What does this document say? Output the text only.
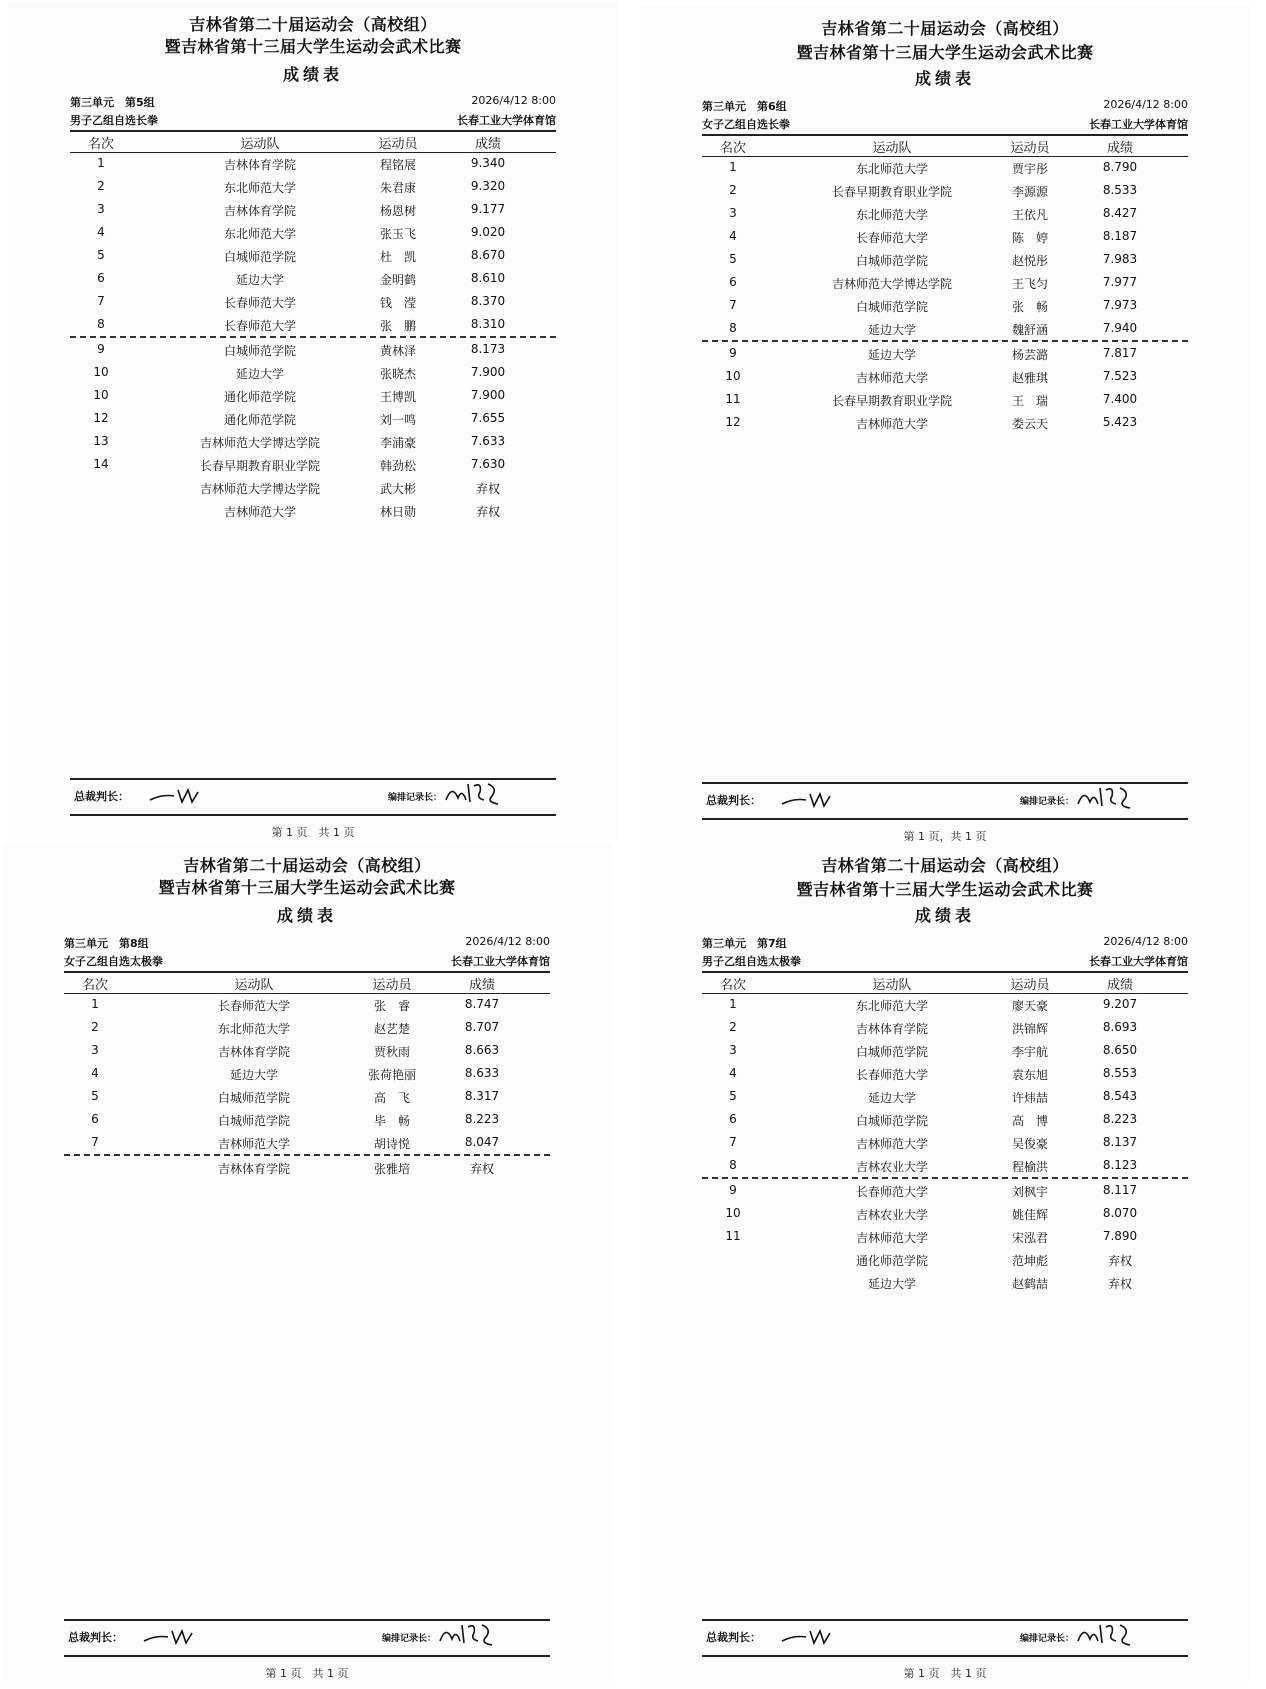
吉林省第二十届运动会（高校组）
暨吉林省第十三届大学生运动会武术比赛
成绩表
第三单元　第5组	2026/4/12 8:00
男子乙组自选长拳	长春工业大学体育馆
名次	运动队	运动员	成绩
1	吉林体育学院	程铭展	9.340
2	东北师范大学	朱君康	9.320
3	吉林体育学院	杨恩树	9.177
4	东北师范大学	张玉飞	9.020
5	白城师范学院	杜　凯	8.670
6	延边大学	金明鹤	8.610
7	长春师范大学	钱　滢	8.370
8	长春师范大学	张　鹏	8.310
9	白城师范学院	黄林泽	8.173
10	延边大学	张晓杰	7.900
10	通化师范学院	王博凯	7.900
12	通化师范学院	刘一鸣	7.655
13	吉林师范大学博达学院	李浦豪	7.633
14	长春早期教育职业学院	韩劲松	7.630
吉林师范大学博达学院	武大彬	弃权
吉林师范大学	林日勋	弃权
总裁判长：	编排记录长：
第 1 页　共 1 页
吉林省第二十届运动会（高校组）
暨吉林省第十三届大学生运动会武术比赛
成绩表
第三单元　第6组	2026/4/12 8:00
女子乙组自选长拳	长春工业大学体育馆
名次	运动队	运动员	成绩
1	东北师范大学	贾宇彤	8.790
2	长春早期教育职业学院	李源源	8.533
3	东北师范大学	王依凡	8.427
4	长春师范大学	陈　婷	8.187
5	白城师范学院	赵悦彤	7.983
6	吉林师范大学博达学院	王飞匀	7.977
7	白城师范学院	张　畅	7.973
8	延边大学	魏舒涵	7.940
9	延边大学	杨芸潞	7.817
10	吉林师范大学	赵雅琪	7.523
11	长春早期教育职业学院	王　瑞	7.400
12	吉林师范大学	娄云天	5.423
总裁判长：	编排记录长：
第 1 页，共 1 页
吉林省第二十届运动会（高校组）
暨吉林省第十三届大学生运动会武术比赛
成绩表
第三单元　第8组	2026/4/12 8:00
女子乙组自选太极拳	长春工业大学体育馆
名次	运动队	运动员	成绩
1	长春师范大学	张　睿	8.747
2	东北师范大学	赵艺楚	8.707
3	吉林体育学院	贾秋雨	8.663
4	延边大学	张荷艳丽	8.633
5	白城师范学院	高　飞	8.317
6	白城师范学院	毕　畅	8.223
7	吉林师范大学	胡诗悦	8.047
吉林体育学院	张雅培	弃权
总裁判长：	编排记录长：
第 1 页　共 1 页
吉林省第二十届运动会（高校组）
暨吉林省第十三届大学生运动会武术比赛
成绩表
第三单元　第7组	2026/4/12 8:00
男子乙组自选太极拳	长春工业大学体育馆
名次	运动队	运动员	成绩
1	东北师范大学	廖天豪	9.207
2	吉林体育学院	洪锦辉	8.693
3	白城师范学院	李宇航	8.650
4	长春师范大学	袁东旭	8.553
5	延边大学	许炜喆	8.543
6	白城师范学院	高　博	8.223
7	吉林师范大学	吴俊豪	8.137
8	吉林农业大学	程榆洪	8.123
9	长春师范大学	刘枫宇	8.117
10	吉林农业大学	姚佳辉	8.070
11	吉林师范大学	宋泓君	7.890
通化师范学院	范坤彪	弃权
延边大学	赵鹤喆	弃权
总裁判长：	编排记录长：
第 1 页　共 1 页
